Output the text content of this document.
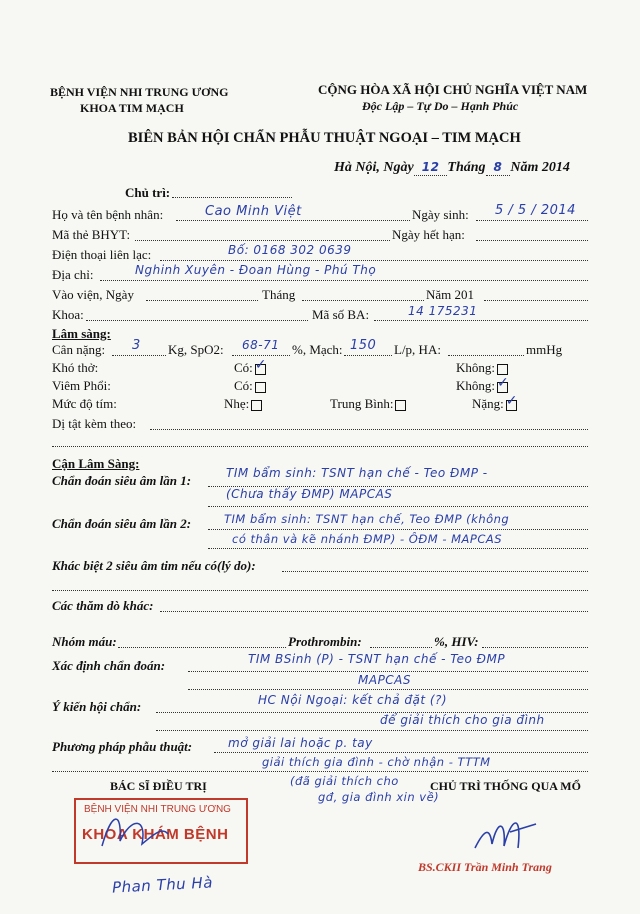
BỆNH VIỆN NHI TRUNG ƯƠNG
KHOA TIM MẠCH
CỘNG HÒA XÃ HỘI CHỦ NGHĨA VIỆT NAM
Độc Lập – Tự Do – Hạnh Phúc
BIÊN BẢN HỘI CHẨN PHẪU THUẬT NGOẠI – TIM MẠCH
Hà Nội, Ngày 12 Tháng 8 Năm 2014
Chủ trì:
Họ và tên bệnh nhân:	Cao Minh Việt	Ngày sinh: 5 / 5 / 2014
Mã thẻ BHYT:	Ngày hết hạn:
Điện thoại liên lạc:	Bố: 0168 302 0639
Địa chỉ:	Nghinh Xuyên - Đoan Hùng - Phú Thọ
Vào viện, Ngày	Tháng	Năm 201
Khoa:	Mã số BA:	14 175231
Lâm sàng:
Cân nặng: 3 Kg, SpO2: 68-71 %, Mạch: 150 L/p, HA:	mmHg
Khó thở:	Có: ✓	Không:
Viêm Phổi:	Có:	Không: ✓
Mức độ tím:	Nhẹ:	Trung Bình:	Nặng: ✓
Dị tật kèm theo:
Cận Lâm Sàng:
Chẩn đoán siêu âm lần 1:	TIM bẩm sinh: TSNT hạn chế - Teo ĐMP -
(Chưa thấy ĐMP) MAPCAS
Chẩn đoán siêu âm lần 2:	TIM bẩm sinh: TSNT hạn chế, Teo ĐMP (không
có thân và kẽ nhánh ĐMP) - ÔĐM - MAPCAS
Khác biệt 2 siêu âm tim nếu có(lý do):
Các thăm dò khác:
Nhóm máu:	Prothrombin:	%, HIV:
Xác định chẩn đoán:	TIM BSinh (P) - TSNT hạn chế - Teo ĐMP
MAPCAS
Ý kiến hội chẩn:	HC Nội Ngoại: kết chả đặt (?)
để giải thích cho gia đình
Phương pháp phẫu thuật:	mở giải lai hoặc p. tay
giải thích gia đình - chờ nhận - TTTM
(đã giải thích cho
gđ, gia đình xin về)
BÁC SĨ ĐIỀU TRỊ	CHỦ TRÌ THỐNG QUA MỔ
BỆNH VIỆN NHI TRUNG ƯƠNG
KHOA KHÁM BỆNH
Phan Thu Hà
BS.CKII Trần Minh Trang
